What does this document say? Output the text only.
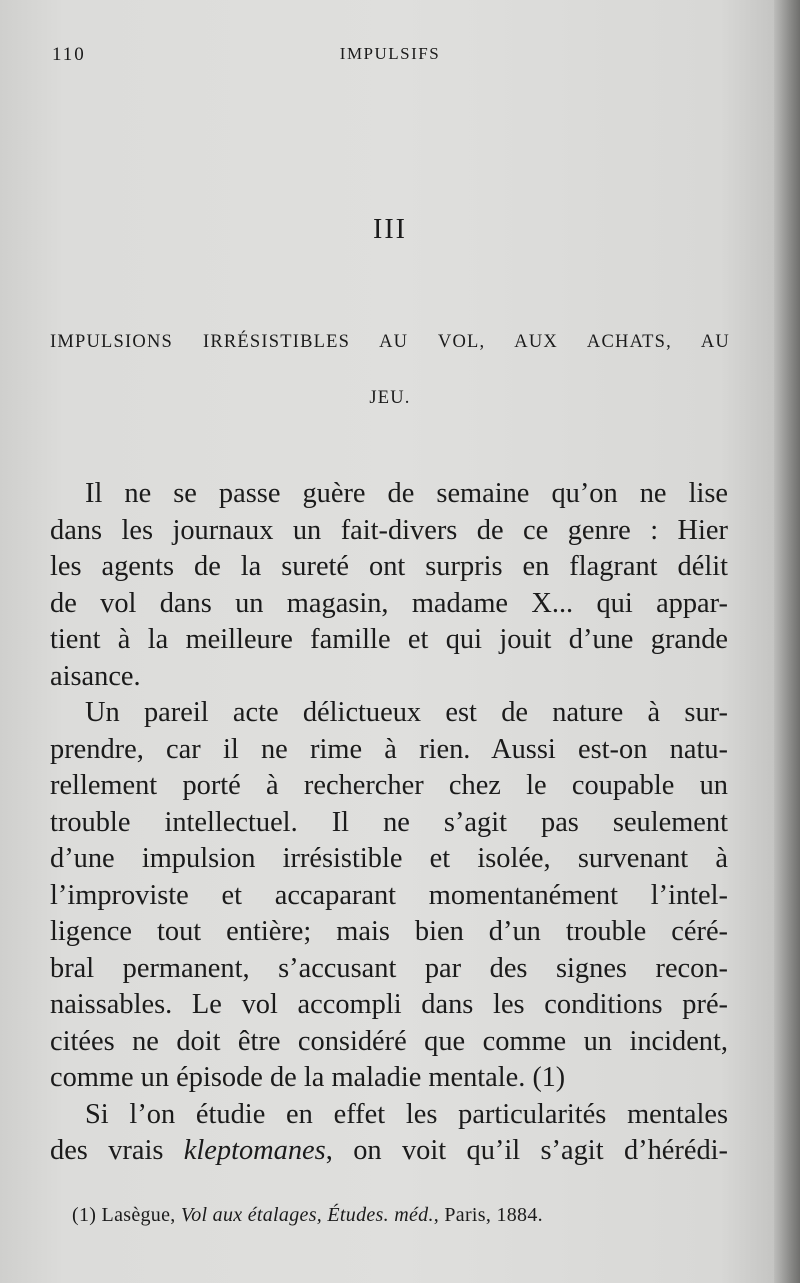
110	IMPULSIFS
III
IMPULSIONS IRRÉSISTIBLES AU VOL, AUX ACHATS, AU
JEU.
Il ne se passe guère de semaine qu’on ne lise
dans les journaux un fait-divers de ce genre : Hier
les agents de la sureté ont surpris en flagrant délit
de vol dans un magasin, madame X... qui appar-
tient à la meilleure famille et qui jouit d’une grande
aisance.
Un pareil acte délictueux est de nature à sur-
prendre, car il ne rime à rien. Aussi est-on natu-
rellement porté à rechercher chez le coupable un
trouble intellectuel. Il ne s’agit pas seulement
d’une impulsion irrésistible et isolée, survenant à
l’improviste et accaparant momentanément l’intel-
ligence tout entière; mais bien d’un trouble céré-
bral permanent, s’accusant par des signes recon-
naissables. Le vol accompli dans les conditions pré-
citées ne doit être considéré que comme un incident,
comme un épisode de la maladie mentale. (1)
Si l’on étudie en effet les particularités mentales
des vrais kleptomanes, on voit qu’il s’agit d’hérédi-
(1) Lasègue, Vol aux étalages, Études. méd., Paris, 1884.
